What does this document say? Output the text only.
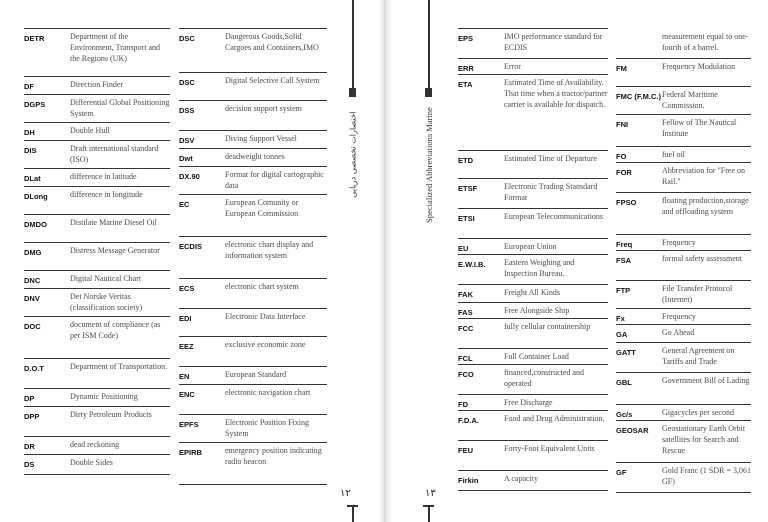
DETR	Department of the Environment, Transport and the Regions (UK)
DF	Direction Finder
DGPS	Differential Global Positioning System
DH	Double Hull
DIS	Draft international standard (ISO)
DLat	difference in latitude
DLong	difference in longitude
DMDO	Distilate Marine Diesel Oil
DMG	Distress Message Generator
DNC	Digital Nautical Chart
DNV	Det Norske Veritas (classification society)
DOC	document of compliance (as per ISM Code)
D.O.T	Department of Transportation.
DP	Dynamic Positioning
DPP	Dirty Petroleum Products
DR	dead reckoning
DS	Double Sides
DSC	Dangerous Goods,Solid Cargoes and Containers,IMO
DSC	Digital Selective Call System
DSS	decision support system
DSV	Diving Support Vessel
Dwt	deadweight tonnes
DX.90	Format for digital cartographic data
EC	European Comunity or European Commission
ECDIS	electronic chart display and information system
ECS	electronic chart system
EDI	Electronic Data Interface
EEZ	exclusive economic zone
EN	European Standard
ENC	electronic navigation chart
EPFS	Electronic Position Fixing System
EPIRB	emergency position indicating radio beacon
اختصارات تخصصی دریایی
۱۲
Specialized Abbreviations Marine
۱۳
EPS	IMO performance standard for ECDIS
ERR	Error
ETA	Estimated Time of Availability. That time when a tractor/partner carrier is available for dispatch.
ETD	Estimated Time of Departure
ETSF	Electronic Trading Stansdard Format
ETSI	European Telecommunications
EU	European Union
E.W.I.B.	Eastern Weighing and Inspection Bureau.
FAK	Freight All Kinds
FAS	Free Alongside Ship
FCC	fully cellular containership
FCL	Full Container Load
FCO	financed,constructed and operated
FD	Free Discharge
F.D.A.	Food and Drug Administration.
FEU	Forty-Foot Equivalent Units
Firkin	A capacity
measurement equal to one-fourth of a barrel.
FM	Frequency Modulation
FMC (F.M.C.) Federal Maritime Commission.
FNI	Fellow of The Nautical Institute
FO	fuel oil
FOR	Abbreviation for "Free on Rail."
FPSO	floating production,storage and offloading system
Freq	Frequency
FSA	formal safety assessment
FTP	File Transfer Protocol (Internet)
Fx	Frequency
GA	Go Ahead
GATT	General Agreement on Tariffs and Trade
GBL	Government Bill of Lading
Gc/s	Gigacycles per second
GEOSAR	Geostationary Earth Orbit satellites for Search and Rescue
GF	Gold Franc (1 SDR = 3,061 GF)
